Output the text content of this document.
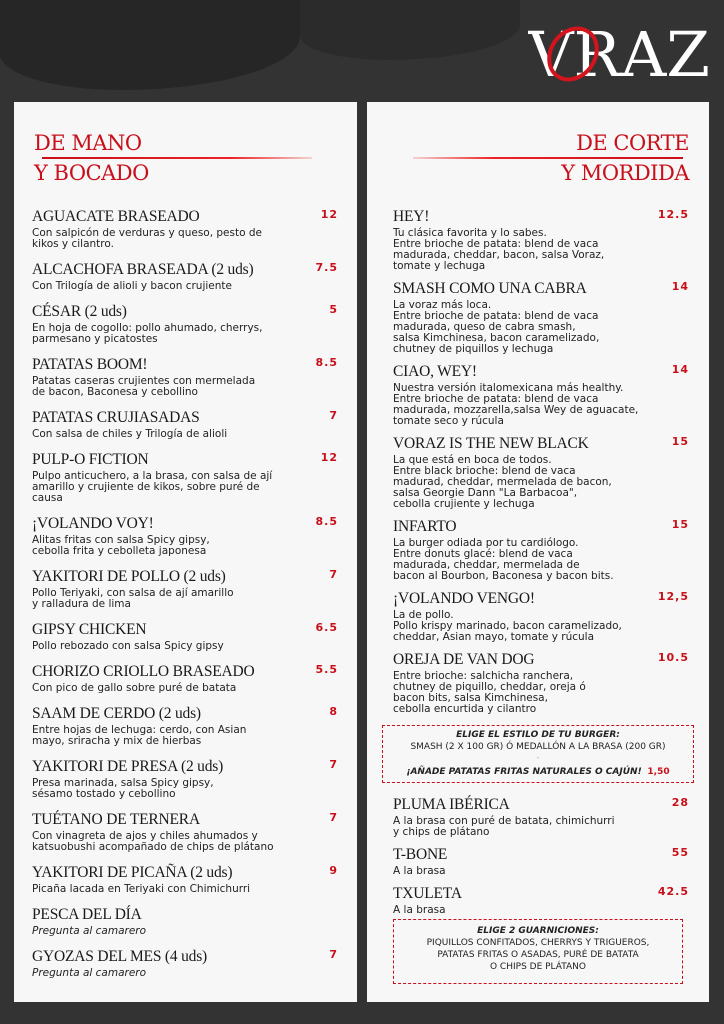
VRAZ
DE MANO
Y BOCADO
AGUACATE BRASEADO	12
Con salpicón de verduras y queso, pesto de
kikos y cilantro.
ALCACHOFA BRASEADA (2 uds)	7.5
Con Trilogía de alioli y bacon crujiente
CÉSAR (2 uds)	5
En hoja de cogollo: pollo ahumado, cherrys,
parmesano y picatostes
PATATAS BOOM!	8.5
Patatas caseras crujientes con mermelada
de bacon, Baconesa y cebollino
PATATAS CRUJIASADAS	7
Con salsa de chiles y Trilogía de alioli
PULP-O FICTION	12
Pulpo anticuchero, a la brasa, con salsa de ají
amarillo y crujiente de kikos, sobre puré de
causa
¡VOLANDO VOY!	8.5
Alitas fritas con salsa Spicy gipsy,
cebolla frita y cebolleta japonesa
YAKITORI DE POLLO (2 uds)	7
Pollo Teriyaki, con salsa de ají amarillo
y ralladura de lima
GIPSY CHICKEN	6.5
Pollo rebozado con salsa Spicy gipsy
CHORIZO CRIOLLO BRASEADO	5.5
Con pico de gallo sobre puré de batata
SAAM DE CERDO (2 uds)	8
Entre hojas de lechuga: cerdo, con Asian
mayo, sriracha y mix de hierbas
YAKITORI DE PRESA (2 uds)	7
Presa marinada, salsa Spicy gipsy,
sésamo tostado y cebollino
TUÉTANO DE TERNERA	7
Con vinagreta de ajos y chiles ahumados y
katsuobushi acompañado de chips de plátano
YAKITORI DE PICAÑA (2 uds)	9
Picaña lacada en Teriyaki con Chimichurri
PESCA DEL DÍA
Pregunta al camarero
GYOZAS DEL MES (4 uds)	7
Pregunta al camarero
DE CORTE
Y MORDIDA
HEY!	12.5
Tu clásica favorita y lo sabes.
Entre brioche de patata: blend de vaca
madurada, cheddar, bacon, salsa Voraz,
tomate y lechuga
SMASH COMO UNA CABRA	14
La voraz más loca.
Entre brioche de patata: blend de vaca
madurada, queso de cabra smash,
salsa Kimchinesa, bacon caramelizado,
chutney de piquillos y lechuga
CIAO, WEY!	14
Nuestra versión italomexicana más healthy.
Entre brioche de patata: blend de vaca
madurada, mozzarella,salsa Wey de aguacate,
tomate seco y rúcula
VORAZ IS THE NEW BLACK	15
La que está en boca de todos.
Entre black brioche: blend de vaca
madurad, cheddar, mermelada de bacon,
salsa Georgie Dann "La Barbacoa",
cebolla crujiente y lechuga
INFARTO	15
La burger odiada por tu cardiólogo.
Entre donuts glacé: blend de vaca
madurada, cheddar, mermelada de
bacon al Bourbon, Baconesa y bacon bits.
¡VOLANDO VENGO!	12,5
La de pollo.
Pollo krispy marinado, bacon caramelizado,
cheddar, Asian mayo, tomate y rúcula
OREJA DE VAN DOG	10.5
Entre brioche: salchicha ranchera,
chutney de piquillo, cheddar, oreja ó
bacon bits, salsa Kimchinesa,
cebolla encurtida y cilantro
ELIGE EL ESTILO DE TU BURGER:
SMASH (2 X 100 GR) Ó MEDALLÓN A LA BRASA (200 GR)
-
¡AÑADE PATATAS FRITAS NATURALES O CAJÚN! 1,50
PLUMA IBÉRICA	28
A la brasa con puré de batata, chimichurri
y chips de plátano
T-BONE	55
A la brasa
TXULETA	42.5
A la brasa
ELIGE 2 GUARNICIONES:
PIQUILLOS CONFITADOS, CHERRYS Y TRIGUEROS,
PATATAS FRITAS O ASADAS, PURÉ DE BATATA
O CHIPS DE PLÁTANO
